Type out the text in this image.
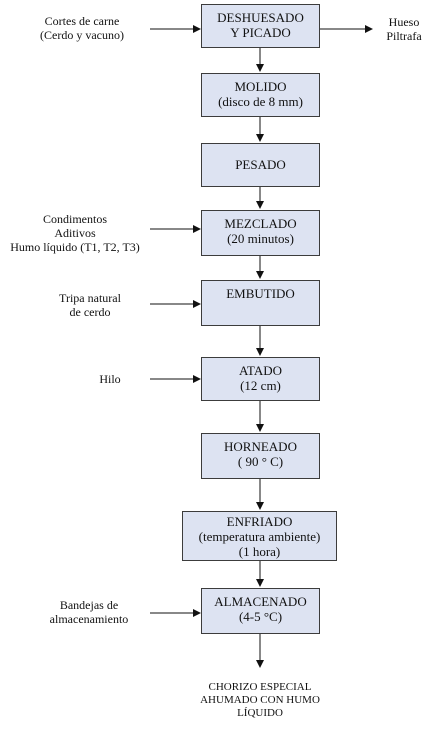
DESHUESADO
Y PICADO
MOLIDO
(disco de 8 mm)
PESADO
MEZCLADO
(20 minutos)
EMBUTIDO
ATADO
(12 cm)
HORNEADO
( 90 ° C)
ENFRIADO
(temperatura ambiente)
(1 hora)
ALMACENADO
(4-5 °C)
Cortes de carne
(Cerdo y vacuno)
Condimentos
Aditivos
Humo líquido (T1, T2, T3)
Tripa natural
de cerdo
Hilo
Bandejas de
almacenamiento
Hueso
Piltrafa
CHORIZO ESPECIAL
AHUMADO CON HUMO
LÍQUIDO
